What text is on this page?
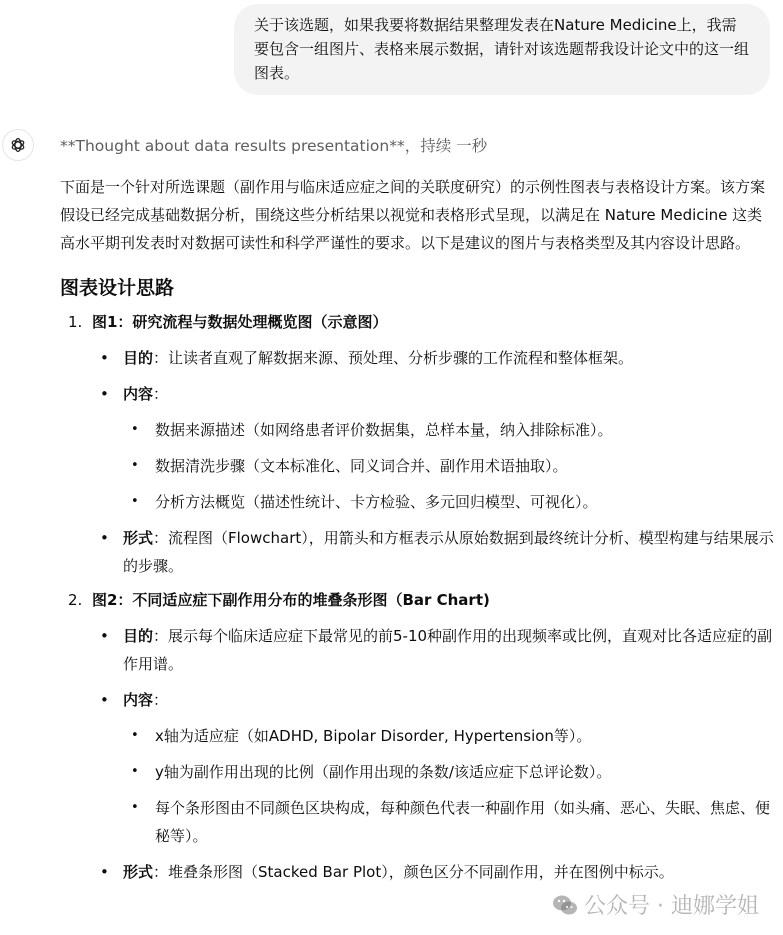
关于该选题，如果我要将数据结果整理发表在Nature Medicine上，我需要包含一组图片、表格来展示数据，请针对该选题帮我设计论文中的这一组图表。
**Thought about data results presentation**，持续 一秒

下面是一个针对所选课题（副作用与临床适应症之间的关联度研究）的示例性图表与表格设计方案。该方案假设已经完成基础数据分析，围绕这些分析结果以视觉和表格形式呈现，以满足在 Nature Medicine 这类高水平期刊发表时对数据可读性和科学严谨性的要求。以下是建议的图片与表格类型及其内容设计思路。

图表设计思路
1. 图1：研究流程与数据处理概览图（示意图）
• 目的：让读者直观了解数据来源、预处理、分析步骤的工作流程和整体框架。
• 内容：
• 数据来源描述（如网络患者评价数据集，总样本量，纳入排除标准）。
• 数据清洗步骤（文本标准化、同义词合并、副作用术语抽取）。
• 分析方法概览（描述性统计、卡方检验、多元回归模型、可视化）。
• 形式：流程图（Flowchart），用箭头和方框表示从原始数据到最终统计分析、模型构建与结果展示的步骤。
2. 图2：不同适应症下副作用分布的堆叠条形图（Bar Chart)
• 目的：展示每个临床适应症下最常见的前5-10种副作用的出现频率或比例，直观对比各适应症的副作用谱。
• 内容：
• x轴为适应症（如ADHD, Bipolar Disorder, Hypertension等）。
• y轴为副作用出现的比例（副作用出现的条数/该适应症下总评论数）。
• 每个条形图由不同颜色区块构成，每种颜色代表一种副作用（如头痛、恶心、失眠、焦虑、便秘等）。
• 形式：堆叠条形图（Stacked Bar Plot），颜色区分不同副作用，并在图例中标示。
公众号 · 迪娜学姐
